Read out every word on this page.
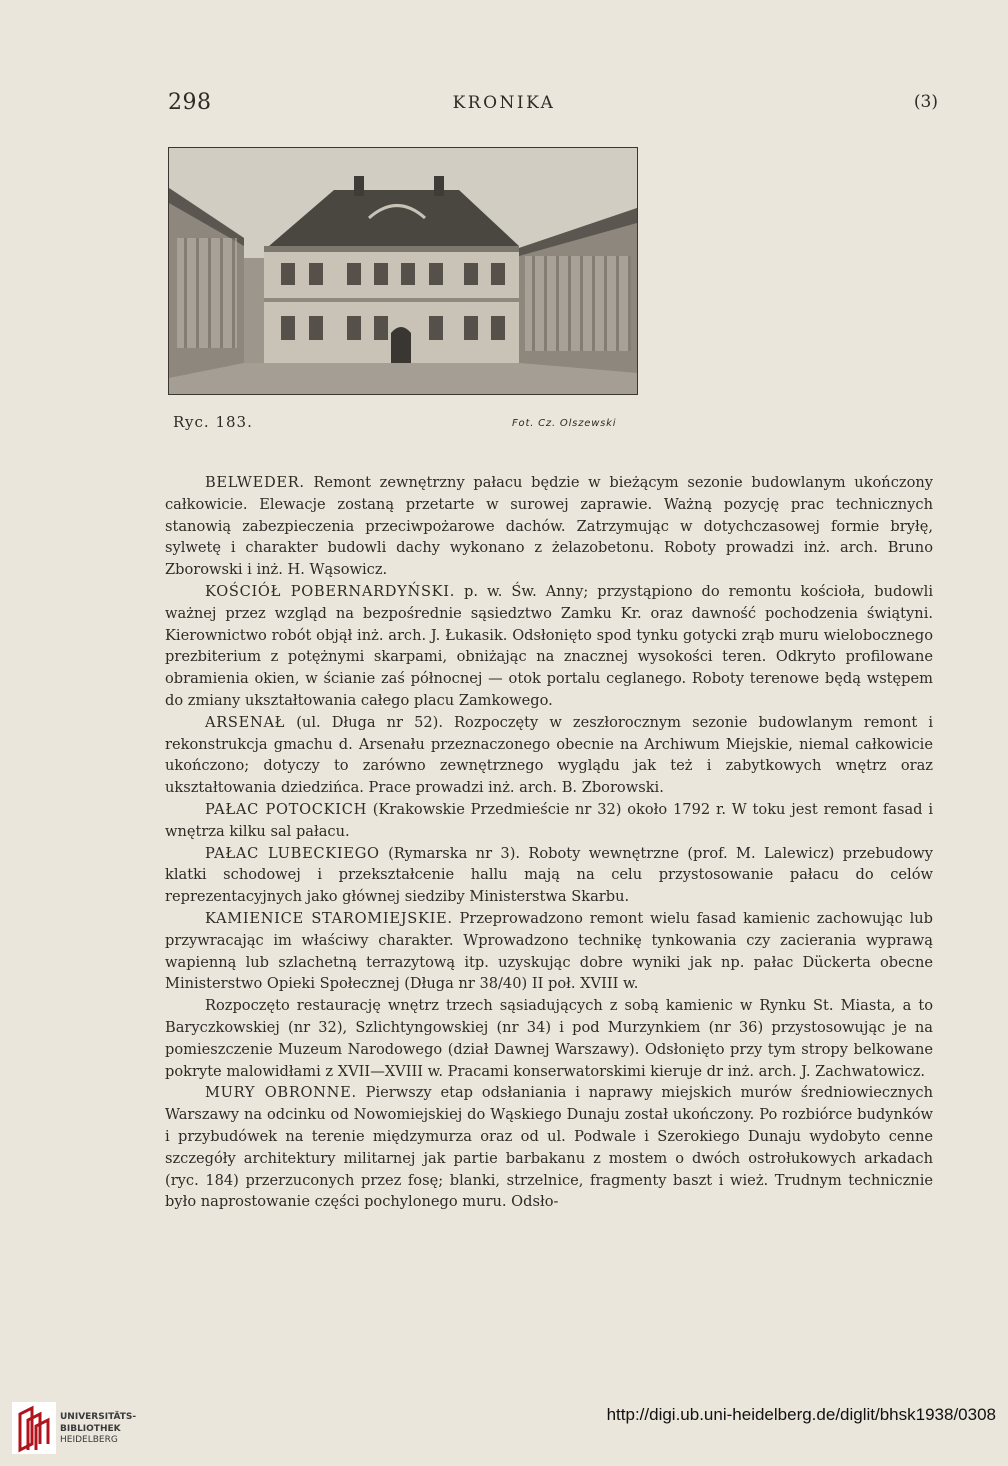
298	KRONIKA	(3)
Ryc. 183.	Fot. Cz. Olszewski

BELWEDER. Remont zewnętrzny pałacu będzie w bieżącym sezonie budowlanym ukończony całkowicie. Elewacje zostaną przetarte w surowej zaprawie. Ważną pozycję prac technicznych stanowią zabezpieczenia przeciwpożarowe dachów. Zatrzymując w dotychczasowej formie bryłę, sylwetę i charakter budowli dachy wykonano z żelazobetonu. Roboty prowadzi inż. arch. Bruno Zborowski i inż. H. Wąsowicz.

KOŚCIÓŁ POBERNARDYŃSKI. p. w. Św. Anny; przystąpiono do remontu kościoła, budowli ważnej przez wzgląd na bezpośrednie sąsiedztwo Zamku Kr. oraz dawność pochodzenia świątyni. Kierownictwo robót objął inż. arch. J. Łukasik. Odsłonięto spod tynku gotycki zrąb muru wielobocznego prezbiterium z potężnymi skarpami, obniżając na znacznej wysokości teren. Odkryto profilowane obramienia okien, w ścianie zaś północnej — otok portalu ceglanego. Roboty terenowe będą wstępem do zmiany ukształtowania całego placu Zamkowego.

ARSENAŁ (ul. Długa nr 52). Rozpoczęty w zeszłorocznym sezonie budowlanym remont i rekonstrukcja gmachu d. Arsenału przeznaczonego obecnie na Archiwum Miejskie, niemal całkowicie ukończono; dotyczy to zarówno zewnętrznego wyglądu jak też i zabytkowych wnętrz oraz ukształtowania dziedzińca. Prace prowadzi inż. arch. B. Zborowski.

PAŁAC POTOCKICH (Krakowskie Przedmieście nr 32) około 1792 r. W toku jest remont fasad i wnętrza kilku sal pałacu.

PAŁAC LUBECKIEGO (Rymarska nr 3). Roboty wewnętrzne (prof. M. Lalewicz) przebudowy klatki schodowej i przekształcenie hallu mają na celu przystosowanie pałacu do celów reprezentacyjnych jako głównej siedziby Ministerstwa Skarbu.

KAMIENICE STAROMIEJSKIE. Przeprowadzono remont wielu fasad kamienic zachowując lub przywracając im właściwy charakter. Wprowadzono technikę tynkowania czy zacierania wyprawą wapienną lub szlachetną terrazytową itp. uzyskując dobre wyniki jak np. pałac Dückerta obecne Ministerstwo Opieki Społecznej (Długa nr 38/40) II poł. XVIII w.

Rozpoczęto restaurację wnętrz trzech sąsiadujących z sobą kamienic w Rynku St. Miasta, a to Baryczkowskiej (nr 32), Szlichtyngowskiej (nr 34) i pod Murzynkiem (nr 36) przystosowując je na pomieszczenie Muzeum Narodowego (dział Dawnej Warszawy). Odsłonięto przy tym stropy belkowane pokryte malowidłami z XVII—XVIII w. Pracami konserwatorskimi kieruje dr inż. arch. J. Zachwatowicz.

MURY OBRONNE. Pierwszy etap odsłaniania i naprawy miejskich murów średniowiecznych Warszawy na odcinku od Nowomiejskiej do Wąskiego Dunaju został ukończony. Po rozbiórce budynków i przybudówek na terenie międzymurza oraz od ul. Podwale i Szerokiego Dunaju wydobyto cenne szczegóły architektury militarnej jak partie barbakanu z mostem o dwóch ostrołukowych arkadach (ryc. 184) przerzuconych przez fosę; blanki, strzelnice, fragmenty baszt i wież. Trudnym technicznie było naprostowanie części pochylonego muru. Odsło-

UNIVERSITÄTS-
BIBLIOTHEK
HEIDELBERG
http://digi.ub.uni-heidelberg.de/diglit/bhsk1938/0308
